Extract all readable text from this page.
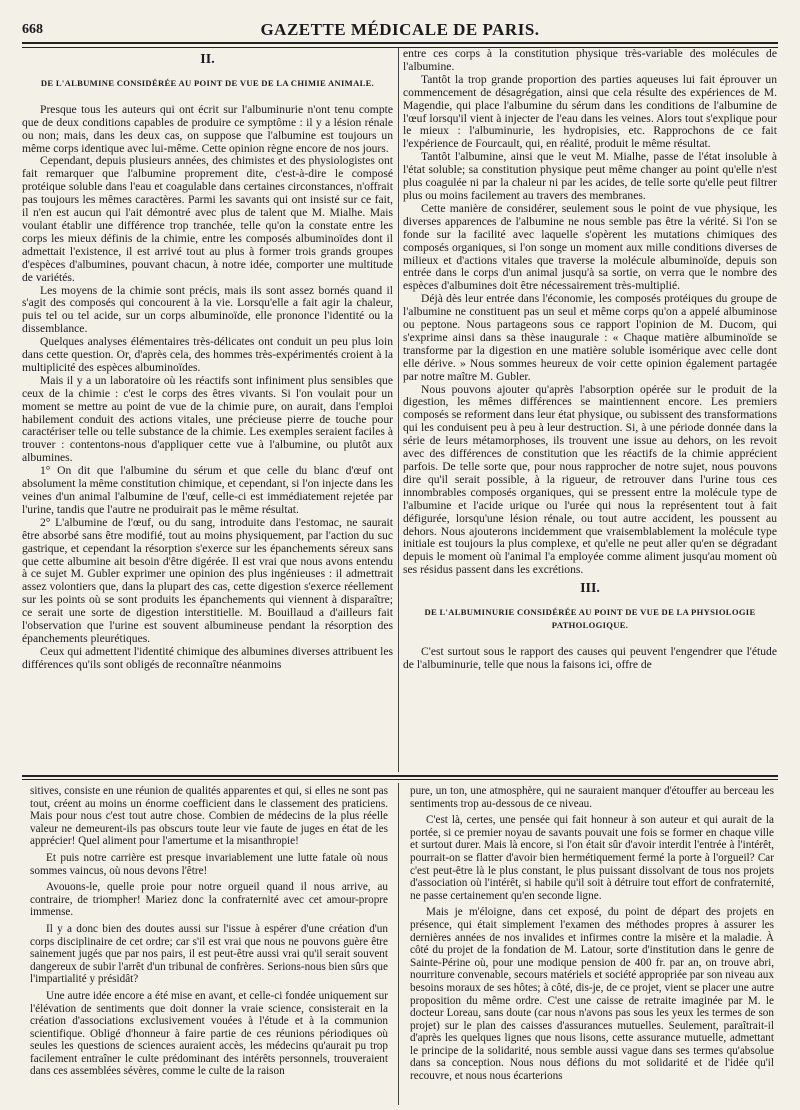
668	GAZETTE MÉDICALE DE PARIS.
II.
DE L'ALBUMINE CONSIDÉRÉE AU POINT DE VUE DE LA CHIMIE ANIMALE.

Presque tous les auteurs qui ont écrit sur l'albuminurie n'ont tenu compte que de deux conditions capables de produire ce symptôme : il y a lésion rénale ou non; mais, dans les deux cas, on suppose que l'albumine est toujours un même corps identique avec lui-même. Cette opinion règne encore de nos jours.

Cependant, depuis plusieurs années, des chimistes et des physiologistes ont fait remarquer que l'albumine proprement dite, c'est-à-dire le composé protéique soluble dans l'eau et coagulable dans certaines circonstances, n'offrait pas toujours les mêmes caractères. Parmi les savants qui ont insisté sur ce fait, il n'en est aucun qui l'ait démontré avec plus de talent que M. Mialhe. Mais voulant établir une différence trop tranchée, telle qu'on la constate entre les corps les mieux définis de la chimie, entre les composés albuminoïdes dont il admettait l'existence, il est arrivé tout au plus à former trois grands groupes d'espèces d'albumines, pouvant chacun, à notre idée, comporter une multitude de variétés.

Les moyens de la chimie sont précis, mais ils sont assez bornés quand il s'agit des composés qui concourent à la vie. Lorsqu'elle a fait agir la chaleur, puis tel ou tel acide, sur un corps albuminoïde, elle prononce l'identité ou la dissemblance.

Quelques analyses élémentaires très-délicates ont conduit un peu plus loin dans cette question. Or, d'après cela, des hommes très-expérimentés croient à la multiplicité des espèces albuminoïdes.

Mais il y a un laboratoire où les réactifs sont infiniment plus sensibles que ceux de la chimie : c'est le corps des êtres vivants. Si l'on voulait pour un moment se mettre au point de vue de la chimie pure, on aurait, dans l'emploi habilement conduit des actions vitales, une précieuse pierre de touche pour caractériser telle ou telle substance de la chimie. Les exemples seraient faciles à trouver : contentons-nous d'appliquer cette vue à l'albumine, ou plutôt aux albumines.

1° On dit que l'albumine du sérum et que celle du blanc d'œuf ont absolument la même constitution chimique, et cependant, si l'on injecte dans les veines d'un animal l'albumine de l'œuf, celle-ci est immédiatement rejetée par l'urine, tandis que l'autre ne produirait pas le même résultat.

2° L'albumine de l'œuf, ou du sang, introduite dans l'estomac, ne saurait être absorbé sans être modifié, tout au moins physiquement, par l'action du suc gastrique, et cependant la résorption s'exerce sur les épanchements séreux sans que cette albumine ait besoin d'être digérée. Il est vrai que nous avons entendu à ce sujet M. Gubler exprimer une opinion des plus ingénieuses : il admettrait assez volontiers que, dans la plupart des cas, cette digestion s'exerce réellement sur les points où se sont produits les épanchements qui viennent à disparaître; ce serait une sorte de digestion interstitielle. M. Bouillaud a d'ailleurs fait l'observation que l'urine est souvent albumineuse pendant la résorption des épanchements pleurétiques.

Ceux qui admettent l'identité chimique des albumines diverses attribuent les différences qu'ils sont obligés de reconnaître néanmoins

entre ces corps à la constitution physique très-variable des molécules de l'albumine.

Tantôt la trop grande proportion des parties aqueuses lui fait éprouver un commencement de désagrégation, ainsi que cela résulte des expériences de M. Magendie, qui place l'albumine du sérum dans les conditions de l'albumine de l'œuf lorsqu'il vient à injecter de l'eau dans les veines. Alors tout s'explique pour le mieux : l'albuminurie, les hydropisies, etc. Rapprochons de ce fait l'expérience de Fourcault, qui, en réalité, produit le même résultat.

Tantôt l'albumine, ainsi que le veut M. Mialhe, passe de l'état insoluble à l'état soluble; sa constitution physique peut même changer au point qu'elle n'est plus coagulée ni par la chaleur ni par les acides, de telle sorte qu'elle peut filtrer plus ou moins facilement au travers des membranes.

Cette manière de considérer, seulement sous le point de vue physique, les diverses apparences de l'albumine ne nous semble pas être la vérité. Si l'on se fonde sur la facilité avec laquelle s'opèrent les mutations chimiques des composés organiques, si l'on songe un moment aux mille conditions diverses de milieux et d'actions vitales que traverse la molécule albuminoïde, depuis son entrée dans le corps d'un animal jusqu'à sa sortie, on verra que le nombre des espèces d'albumines doit être nécessairement très-multiplié.

Déjà dès leur entrée dans l'économie, les composés protéiques du groupe de l'albumine ne constituent pas un seul et même corps qu'on a appelé albuminose ou peptone. Nous partageons sous ce rapport l'opinion de M. Ducom, qui s'exprime ainsi dans sa thèse inaugurale : « Chaque matière albuminoïde se transforme par la digestion en une matière soluble isomérique avec celle dont elle dérive. » Nous sommes heureux de voir cette opinion également partagée par notre maître M. Gubler.

Nous pouvons ajouter qu'après l'absorption opérée sur le produit de la digestion, les mêmes différences se maintiennent encore. Les premiers composés se reforment dans leur état physique, ou subissent des transformations qui les conduisent peu à peu à leur destruction. Si, à une période donnée dans la série de leurs métamorphoses, ils trouvent une issue au dehors, on les revoit avec des différences de constitution que les réactifs de la chimie apprécient parfois. De telle sorte que, pour nous rapprocher de notre sujet, nous pouvons dire qu'il serait possible, à la rigueur, de retrouver dans l'urine tous ces innombrables composés organiques, qui se pressent entre la molécule type de l'albumine et l'acide urique ou l'urée qui nous la représentent tout à fait défigurée, lorsqu'une lésion rénale, ou tout autre accident, les poussent au dehors. Nous ajouterons incidemment que vraisemblablement la molécule type initiale est toujours la plus complexe, et qu'elle ne peut aller qu'en se dégradant depuis le moment où l'animal l'a employée comme aliment jusqu'au moment où ses résidus passent dans les excrétions.

III.
DE L'ALBUMINURIE CONSIDÉRÉE AU POINT DE VUE DE LA PHYSIOLOGIE PATHOLOGIQUE.

C'est surtout sous le rapport des causes qui peuvent l'engendrer que l'étude de l'albuminurie, telle que nous la faisons ici, offre de

sitives, consiste en une réunion de qualités apparentes et qui, si elles ne sont pas tout, créent au moins un énorme coefficient dans le classement des praticiens. Mais pour nous c'est tout autre chose. Combien de médecins de la plus réelle valeur ne demeurent-ils pas obscurs toute leur vie faute de juges en état de les apprécier! Quel aliment pour l'amertume et la misanthropie!

Et puis notre carrière est presque invariablement une lutte fatale où nous sommes vaincus, où nous devons l'être!

Avouons-le, quelle proie pour notre orgueil quand il nous arrive, au contraire, de triompher! Mariez donc la confraternité avec cet amour-propre immense.

Il y a donc bien des doutes aussi sur l'issue à espérer d'une création d'un corps disciplinaire de cet ordre; car s'il est vrai que nous ne pouvons guère être sainement jugés que par nos pairs, il est peut-être aussi vrai qu'il serait souvent dangereux de subir l'arrêt d'un tribunal de confrères. Serions-nous bien sûrs que l'impartialité y présidât?

Une autre idée encore a été mise en avant, et celle-ci fondée uniquement sur l'élévation de sentiments que doit donner la vraie science, consisterait en la création d'associations exclusivement vouées à l'étude et à la communion scientifique. Obligé d'honneur à faire partie de ces réunions périodiques où seules les questions de sciences auraient accès, les médecins qu'aurait pu trop facilement entraîner le culte prédominant des intérêts personnels, trouveraient dans ces assemblées sévères, comme le culte de la raison

pure, un ton, une atmosphère, qui ne sauraient manquer d'étouffer au berceau les sentiments trop au-dessous de ce niveau.

C'est là, certes, une pensée qui fait honneur à son auteur et qui aurait de la portée, si ce premier noyau de savants pouvait une fois se former en chaque ville et surtout durer. Mais là encore, si l'on était sûr d'avoir interdit l'entrée à l'intérêt, pourrait-on se flatter d'avoir bien hermétiquement fermé la porte à l'orgueil? Car c'est peut-être là le plus constant, le plus puissant dissolvant de tous nos projets d'association où l'intérêt, si habile qu'il soit à détruire tout effort de confraternité, ne passe certainement qu'en seconde ligne.

Mais je m'éloigne, dans cet exposé, du point de départ des projets en présence, qui était simplement l'examen des méthodes propres à assurer les dernières années de nos invalides et infirmes contre la misère et la maladie. À côté du projet de la fondation de M. Latour, sorte d'institution dans le genre de Sainte-Périne où, pour une modique pension de 400 fr. par an, on trouve abri, nourriture convenable, secours matériels et société appropriée par son niveau aux besoins moraux de ses hôtes; à côté, dis-je, de ce projet, vient se placer une autre proposition du même ordre. C'est une caisse de retraite imaginée par M. le docteur Loreau, sans doute (car nous n'avons pas sous les yeux les termes de son projet) sur le plan des caisses d'assurances mutuelles. Seulement, paraîtrait-il d'après les quelques lignes que nous lisons, cette assurance mutuelle, admettant le principe de la solidarité, nous semble aussi vague dans ses termes qu'absolue dans sa conception. Nous nous défions du mot solidarité et de l'idée qu'il recouvre, et nous nous écarterions
